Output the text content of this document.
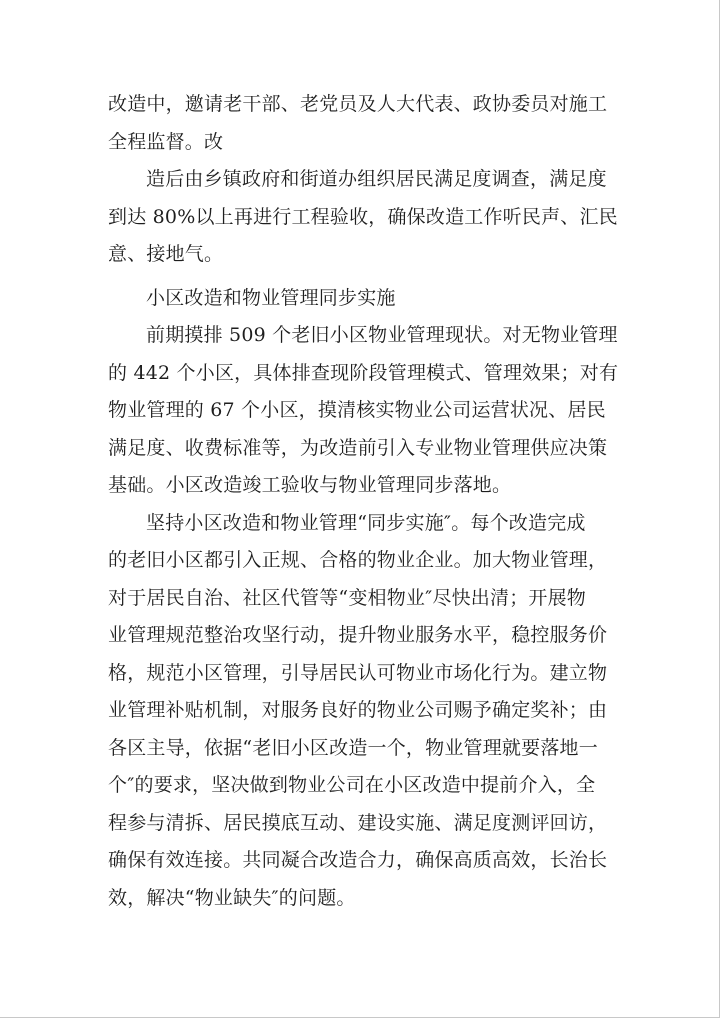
改造中，邀请老干部、老党员及人大代表、政协委员对施工
全程监督。改
造后由乡镇政府和街道办组织居民满足度调查，满足度
到达 80%以上再进行工程验收，确保改造工作听民声、汇民
意、接地气。
小区改造和物业管理同步实施
前期摸排 509 个老旧小区物业管理现状。对无物业管理
的 442 个小区，具体排查现阶段管理模式、管理效果；对有
物业管理的 67 个小区，摸清核实物业公司运营状况、居民
满足度、收费标准等，为改造前引入专业物业管理供应决策
基础。小区改造竣工验收与物业管理同步落地。
坚持小区改造和物业管理“同步实施″。每个改造完成
的老旧小区都引入正规、合格的物业企业。加大物业管理，
对于居民自治、社区代管等“变相物业″尽快出清；开展物
业管理规范整治攻坚行动，提升物业服务水平，稳控服务价
格，规范小区管理，引导居民认可物业市场化行为。建立物
业管理补贴机制，对服务良好的物业公司赐予确定奖补；由
各区主导，依据“老旧小区改造一个，物业管理就要落地一
个″的要求，坚决做到物业公司在小区改造中提前介入，全
程参与清拆、居民摸底互动、建设实施、满足度测评回访，
确保有效连接。共同凝合改造合力，确保高质高效，长治长
效，解决“物业缺失″的问题。
